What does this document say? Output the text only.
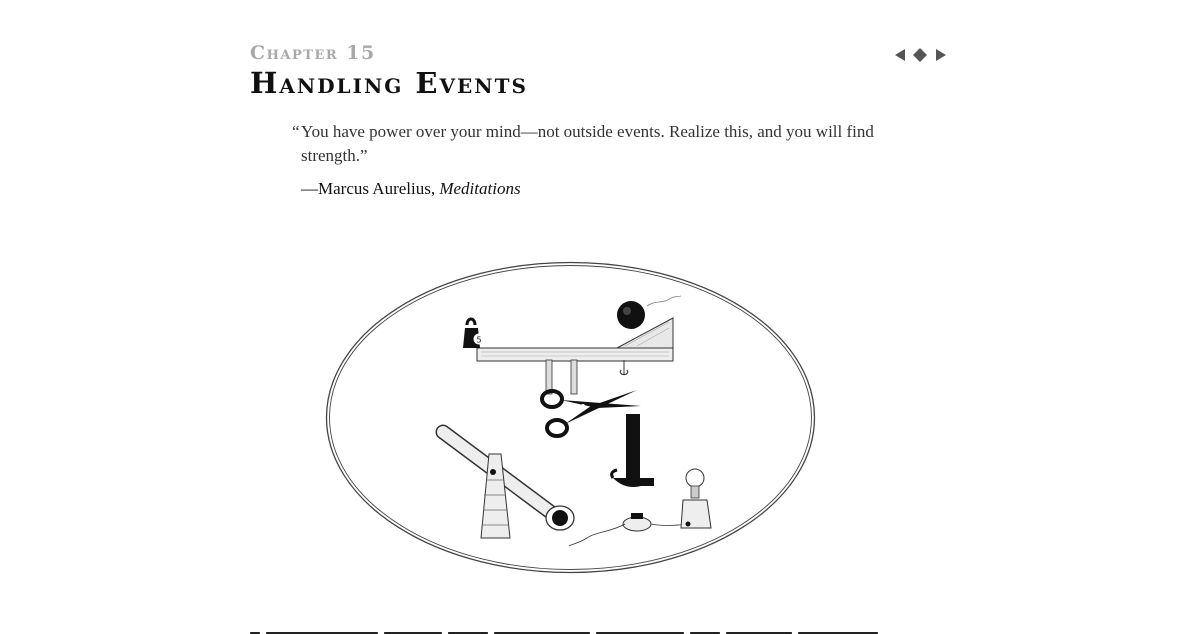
Chapter 15

Handling Events

“ You have power over your mind—not outside events. Realize this, and you will find strength.”

—Marcus Aurelius, Meditations

5
